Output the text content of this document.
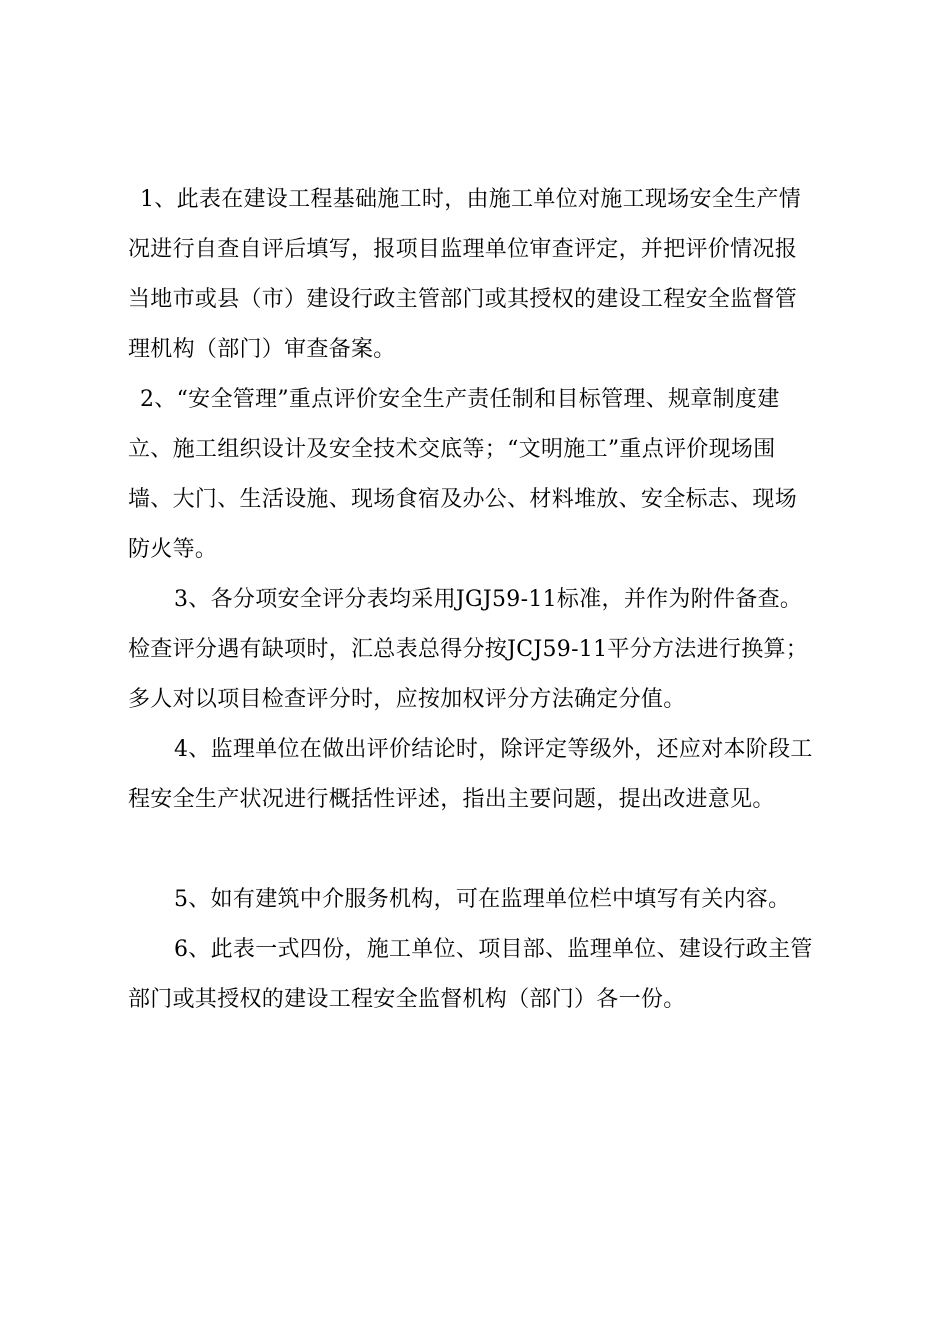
1、此表在建设工程基础施工时，由施工单位对施工现场安全生产情况进行自查自评后填写，报项目监理单位审查评定，并把评价情况报当地市或县（市）建设行政主管部门或其授权的建设工程安全监督管理机构（部门）审查备案。

2、“安全管理”重点评价安全生产责任制和目标管理、规章制度建立、施工组织设计及安全技术交底等；“文明施工”重点评价现场围墙、大门、生活设施、现场食宿及办公、材料堆放、安全标志、现场防火等。

3、各分项安全评分表均采用JGJ59-11标准，并作为附件备查。检查评分遇有缺项时，汇总表总得分按JCJ59-11平分方法进行换算；多人对以项目检查评分时，应按加权评分方法确定分值。

4、监理单位在做出评价结论时，除评定等级外，还应对本阶段工程安全生产状况进行概括性评述，指出主要问题，提出改进意见。

5、如有建筑中介服务机构，可在监理单位栏中填写有关内容。

6、此表一式四份，施工单位、项目部、监理单位、建设行政主管部门或其授权的建设工程安全监督机构（部门）各一份。
